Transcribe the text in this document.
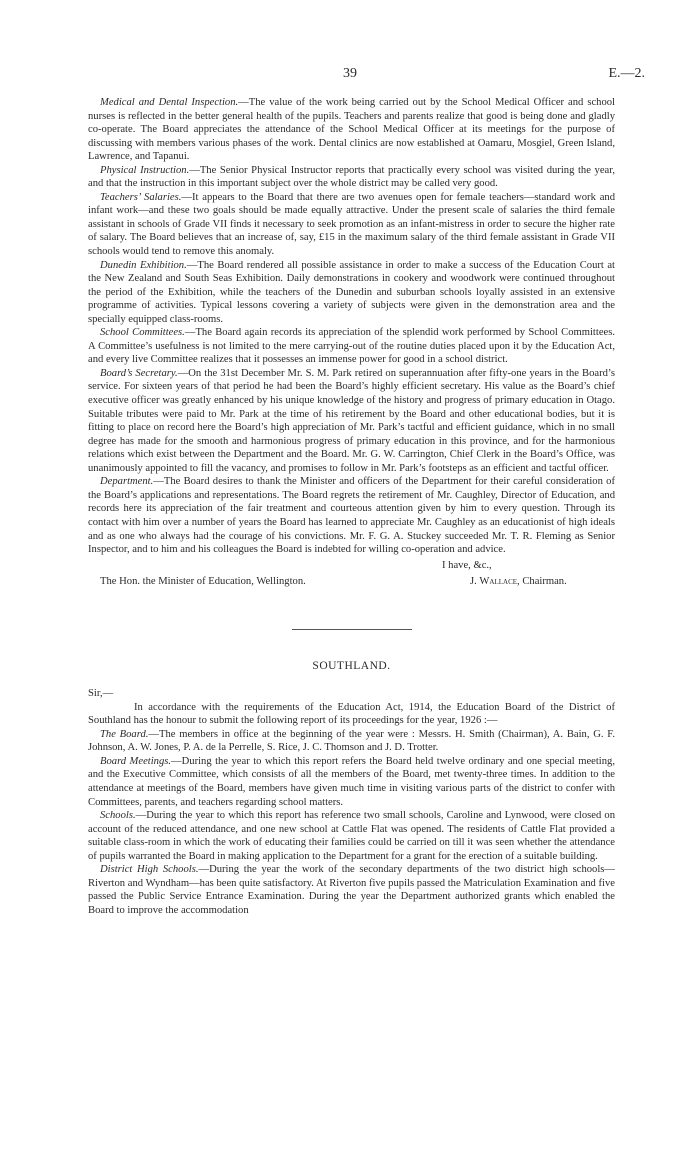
39	E.—2.

Medical and Dental Inspection.—The value of the work being carried out by the School Medical Officer and school nurses is reflected in the better general health of the pupils. Teachers and parents realize that good is being done and gladly co-operate. The Board appreciates the attendance of the School Medical Officer at its meetings for the purpose of discussing with members various phases of the work. Dental clinics are now established at Oamaru, Mosgiel, Green Island, Lawrence, and Tapanui.

Physical Instruction.—The Senior Physical Instructor reports that practically every school was visited during the year, and that the instruction in this important subject over the whole district may be called very good.

Teachers’ Salaries.—It appears to the Board that there are two avenues open for female teachers—standard work and infant work—and these two goals should be made equally attractive. Under the present scale of salaries the third female assistant in schools of Grade VII finds it necessary to seek promotion as an infant-mistress in order to secure the higher rate of salary. The Board believes that an increase of, say, £15 in the maximum salary of the third female assistant in Grade VII schools would tend to remove this anomaly.

Dunedin Exhibition.—The Board rendered all possible assistance in order to make a success of the Education Court at the New Zealand and South Seas Exhibition. Daily demonstrations in cookery and woodwork were continued throughout the period of the Exhibition, while the teachers of the Dunedin and suburban schools loyally assisted in an extensive programme of activities. Typical lessons covering a variety of subjects were given in the demonstration area and the specially equipped class-rooms.

School Committees.—The Board again records its appreciation of the splendid work performed by School Committees. A Committee’s usefulness is not limited to the mere carrying-out of the routine duties placed upon it by the Education Act, and every live Committee realizes that it possesses an immense power for good in a school district.

Board’s Secretary.—On the 31st December Mr. S. M. Park retired on superannuation after fifty-one years in the Board’s service. For sixteen years of that period he had been the Board’s highly efficient secretary. His value as the Board’s chief executive officer was greatly enhanced by his unique knowledge of the history and progress of primary education in Otago. Suitable tributes were paid to Mr. Park at the time of his retirement by the Board and other educational bodies, but it is fitting to place on record here the Board’s high appreciation of Mr. Park’s tactful and efficient guidance, which in no small degree has made for the smooth and harmonious progress of primary education in this province, and for the harmonious relations which exist between the Department and the Board. Mr. G. W. Carrington, Chief Clerk in the Board’s Office, was unanimously appointed to fill the vacancy, and promises to follow in Mr. Park’s footsteps as an efficient and tactful officer.

Department.—The Board desires to thank the Minister and officers of the Department for their careful consideration of the Board’s applications and representations. The Board regrets the retirement of Mr. Caughley, Director of Education, and records here its appreciation of the fair treatment and courteous attention given by him to every question. Through its contact with him over a number of years the Board has learned to appreciate Mr. Caughley as an educationist of high ideals and as one who always had the courage of his convictions. Mr. F. G. A. Stuckey succeeded Mr. T. R. Fleming as Senior Inspector, and to him and his colleagues the Board is indebted for willing co-operation and advice.

I have, &c.,
The Hon. the Minister of Education, Wellington.	J. Wallace, Chairman.
SOUTHLAND.

Sir,—

In accordance with the requirements of the Education Act, 1914, the Education Board of the District of Southland has the honour to submit the following report of its proceedings for the year, 1926 :—

The Board.—The members in office at the beginning of the year were : Messrs. H. Smith (Chairman), A. Bain, G. F. Johnson, A. W. Jones, P. A. de la Perrelle, S. Rice, J. C. Thomson and J. D. Trotter.

Board Meetings.—During the year to which this report refers the Board held twelve ordinary and one special meeting, and the Executive Committee, which consists of all the members of the Board, met twenty-three times. In addition to the attendance at meetings of the Board, members have given much time in visiting various parts of the district to confer with Committees, parents, and teachers regarding school matters.

Schools.—During the year to which this report has reference two small schools, Caroline and Lynwood, were closed on account of the reduced attendance, and one new school at Cattle Flat was opened. The residents of Cattle Flat provided a suitable class-room in which the work of educating their families could be carried on till it was seen whether the attendance of pupils warranted the Board in making application to the Department for a grant for the erection of a suitable building.

District High Schools.—During the year the work of the secondary departments of the two district high schools—Riverton and Wyndham—has been quite satisfactory. At Riverton five pupils passed the Matriculation Examination and five passed the Public Service Entrance Examination. During the year the Department authorized grants which enabled the Board to improve the accommodation
